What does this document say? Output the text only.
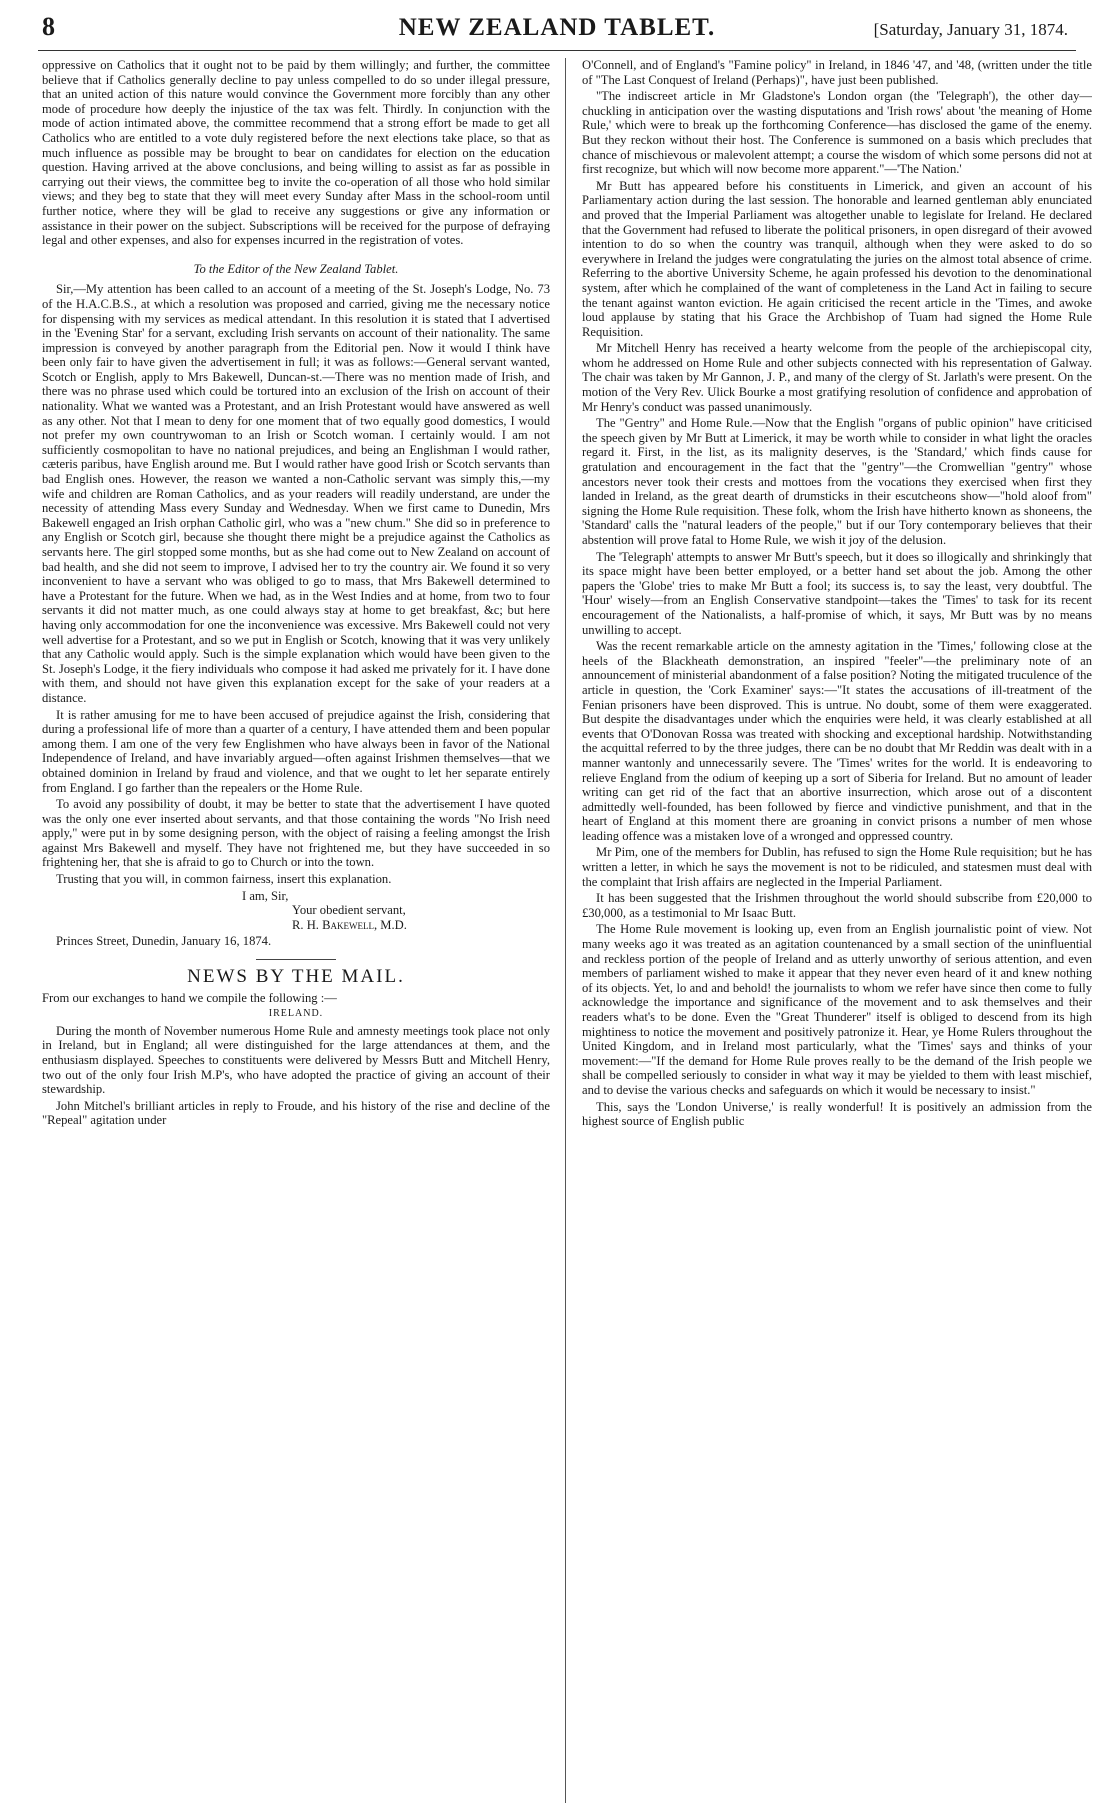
8	NEW ZEALAND TABLET.	[Saturday, January 31, 1874.

oppressive on Catholics that it ought not to be paid by them willingly; and further, the committee believe that if Catholics generally decline to pay unless compelled to do so under illegal pressure, that an united action of this nature would convince the Government more forcibly than any other mode of procedure how deeply the injustice of the tax was felt. Thirdly. In conjunction with the mode of action intimated above, the committee recommend that a strong effort be made to get all Catholics who are entitled to a vote duly registered before the next elections take place, so that as much influence as possible may be brought to bear on candidates for election on the education question. Having arrived at the above conclusions, and being willing to assist as far as possible in carrying out their views, the committee beg to invite the co-operation of all those who hold similar views; and they beg to state that they will meet every Sunday after Mass in the school-room until further notice, where they will be glad to receive any suggestions or give any information or assistance in their power on the subject. Subscriptions will be received for the purpose of defraying legal and other expenses, and also for expenses incurred in the registration of votes.

To the Editor of the New Zealand Tablet.

Sir,—My attention has been called to an account of a meeting of the St. Joseph's Lodge, No. 73 of the H.A.C.B.S., at which a resolution was proposed and carried, giving me the necessary notice for dispensing with my services as medical attendant. In this resolution it is stated that I advertised in the 'Evening Star' for a servant, excluding Irish servants on account of their nationality. The same impression is conveyed by another paragraph from the Editorial pen. Now it would I think have been only fair to have given the advertisement in full; it was as follows:—General servant wanted, Scotch or English, apply to Mrs Bakewell, Duncan-st.—There was no mention made of Irish, and there was no phrase used which could be tortured into an exclusion of the Irish on account of their nationality. What we wanted was a Protestant, and an Irish Protestant would have answered as well as any other. Not that I mean to deny for one moment that of two equally good domestics, I would not prefer my own countrywoman to an Irish or Scotch woman. I certainly would. I am not sufficiently cosmopolitan to have no national prejudices, and being an Englishman I would rather, cæteris paribus, have English around me. But I would rather have good Irish or Scotch servants than bad English ones. However, the reason we wanted a non-Catholic servant was simply this,—my wife and children are Roman Catholics, and as your readers will readily understand, are under the necessity of attending Mass every Sunday and Wednesday. When we first came to Dunedin, Mrs Bakewell engaged an Irish orphan Catholic girl, who was a "new chum." She did so in preference to any English or Scotch girl, because she thought there might be a prejudice against the Catholics as servants here. The girl stopped some months, but as she had come out to New Zealand on account of bad health, and she did not seem to improve, I advised her to try the country air. We found it so very inconvenient to have a servant who was obliged to go to mass, that Mrs Bakewell determined to have a Protestant for the future. When we had, as in the West Indies and at home, from two to four servants it did not matter much, as one could always stay at home to get breakfast, &c; but here having only accommodation for one the inconvenience was excessive. Mrs Bakewell could not very well advertise for a Protestant, and so we put in English or Scotch, knowing that it was very unlikely that any Catholic would apply. Such is the simple explanation which would have been given to the St. Joseph's Lodge, it the fiery individuals who compose it had asked me privately for it. I have done with them, and should not have given this explanation except for the sake of your readers at a distance.

It is rather amusing for me to have been accused of prejudice against the Irish, considering that during a professional life of more than a quarter of a century, I have attended them and been popular among them. I am one of the very few Englishmen who have always been in favor of the National Independence of Ireland, and have invariably argued—often against Irishmen themselves—that we obtained dominion in Ireland by fraud and violence, and that we ought to let her separate entirely from England. I go farther than the repealers or the Home Rule.

To avoid any possibility of doubt, it may be better to state that the advertisement I have quoted was the only one ever inserted about servants, and that those containing the words "No Irish need apply," were put in by some designing person, with the object of raising a feeling amongst the Irish against Mrs Bakewell and myself. They have not frightened me, but they have succeeded in so frightening her, that she is afraid to go to Church or into the town.

Trusting that you will, in common fairness, insert this explanation.

I am, Sir,

Your obedient servant,

R. H. Bakewell, M.D.

Princes Street, Dunedin, January 16, 1874.

NEWS BY THE MAIL.

From our exchanges to hand we compile the following :—

IRELAND.

During the month of November numerous Home Rule and amnesty meetings took place not only in Ireland, but in England; all were distinguished for the large attendances at them, and the enthusiasm displayed. Speeches to constituents were delivered by Messrs Butt and Mitchell Henry, two out of the only four Irish M.P's, who have adopted the practice of giving an account of their stewardship.

John Mitchel's brilliant articles in reply to Froude, and his history of the rise and decline of the "Repeal" agitation under

O'Connell, and of England's "Famine policy" in Ireland, in 1846 '47, and '48, (written under the title of "The Last Conquest of Ireland (Perhaps)", have just been published.

"The indiscreet article in Mr Gladstone's London organ (the 'Telegraph'), the other day—chuckling in anticipation over the wasting disputations and 'Irish rows' about 'the meaning of Home Rule,' which were to break up the forthcoming Conference—has disclosed the game of the enemy. But they reckon without their host. The Conference is summoned on a basis which precludes that chance of mischievous or malevolent attempt; a course the wisdom of which some persons did not at first recognize, but which will now become more apparent."—'The Nation.'

Mr Butt has appeared before his constituents in Limerick, and given an account of his Parliamentary action during the last session. The honorable and learned gentleman ably enunciated and proved that the Imperial Parliament was altogether unable to legislate for Ireland. He declared that the Government had refused to liberate the political prisoners, in open disregard of their avowed intention to do so when the country was tranquil, although when they were asked to do so everywhere in Ireland the judges were congratulating the juries on the almost total absence of crime. Referring to the abortive University Scheme, he again professed his devotion to the denominational system, after which he complained of the want of completeness in the Land Act in failing to secure the tenant against wanton eviction. He again criticised the recent article in the 'Times, and awoke loud applause by stating that his Grace the Archbishop of Tuam had signed the Home Rule Requisition.

Mr Mitchell Henry has received a hearty welcome from the people of the archiepiscopal city, whom he addressed on Home Rule and other subjects connected with his representation of Galway. The chair was taken by Mr Gannon, J. P., and many of the clergy of St. Jarlath's were present. On the motion of the Very Rev. Ulick Bourke a most gratifying resolution of confidence and approbation of Mr Henry's conduct was passed unanimously.

The "Gentry" and Home Rule.—Now that the English "organs of public opinion" have criticised the speech given by Mr Butt at Limerick, it may be worth while to consider in what light the oracles regard it. First, in the list, as its malignity deserves, is the 'Standard,' which finds cause for gratulation and encouragement in the fact that the "gentry"—the Cromwellian "gentry" whose ancestors never took their crests and mottoes from the vocations they exercised when first they landed in Ireland, as the great dearth of drumsticks in their escutcheons show—"hold aloof from" signing the Home Rule requisition. These folk, whom the Irish have hitherto known as shoneens, the 'Standard' calls the "natural leaders of the people," but if our Tory contemporary believes that their abstention will prove fatal to Home Rule, we wish it joy of the delusion.

The 'Telegraph' attempts to answer Mr Butt's speech, but it does so illogically and shrinkingly that its space might have been better employed, or a better hand set about the job. Among the other papers the 'Globe' tries to make Mr Butt a fool; its success is, to say the least, very doubtful. The 'Hour' wisely—from an English Conservative standpoint—takes the 'Times' to task for its recent encouragement of the Nationalists, a half-promise of which, it says, Mr Butt was by no means unwilling to accept.

Was the recent remarkable article on the amnesty agitation in the 'Times,' following close at the heels of the Blackheath demonstration, an inspired "feeler"—the preliminary note of an announcement of ministerial abandonment of a false position? Noting the mitigated truculence of the article in question, the 'Cork Examiner' says:—"It states the accusations of ill-treatment of the Fenian prisoners have been disproved. This is untrue. No doubt, some of them were exaggerated. But despite the disadvantages under which the enquiries were held, it was clearly established at all events that O'Donovan Rossa was treated with shocking and exceptional hardship. Notwithstanding the acquittal referred to by the three judges, there can be no doubt that Mr Reddin was dealt with in a manner wantonly and unnecessarily severe. The 'Times' writes for the world. It is endeavoring to relieve England from the odium of keeping up a sort of Siberia for Ireland. But no amount of leader writing can get rid of the fact that an abortive insurrection, which arose out of a discontent admittedly well-founded, has been followed by fierce and vindictive punishment, and that in the heart of England at this moment there are groaning in convict prisons a number of men whose leading offence was a mistaken love of a wronged and oppressed country.

Mr Pim, one of the members for Dublin, has refused to sign the Home Rule requisition; but he has written a letter, in which he says the movement is not to be ridiculed, and statesmen must deal with the complaint that Irish affairs are neglected in the Imperial Parliament.

It has been suggested that the Irishmen throughout the world should subscribe from £20,000 to £30,000, as a testimonial to Mr Isaac Butt.

The Home Rule movement is looking up, even from an English journalistic point of view. Not many weeks ago it was treated as an agitation countenanced by a small section of the uninfluential and reckless portion of the people of Ireland and as utterly unworthy of serious attention, and even members of parliament wished to make it appear that they never even heard of it and knew nothing of its objects. Yet, lo and and behold! the journalists to whom we refer have since then come to fully acknowledge the importance and significance of the movement and to ask themselves and their readers what's to be done. Even the "Great Thunderer" itself is obliged to descend from its high mightiness to notice the movement and positively patronize it. Hear, ye Home Rulers throughout the United Kingdom, and in Ireland most particularly, what the 'Times' says and thinks of your movement:—"If the demand for Home Rule proves really to be the demand of the Irish people we shall be compelled seriously to consider in what way it may be yielded to them with least mischief, and to devise the various checks and safeguards on which it would be necessary to insist."

This, says the 'London Universe,' is really wonderful! It is positively an admission from the highest source of English public
